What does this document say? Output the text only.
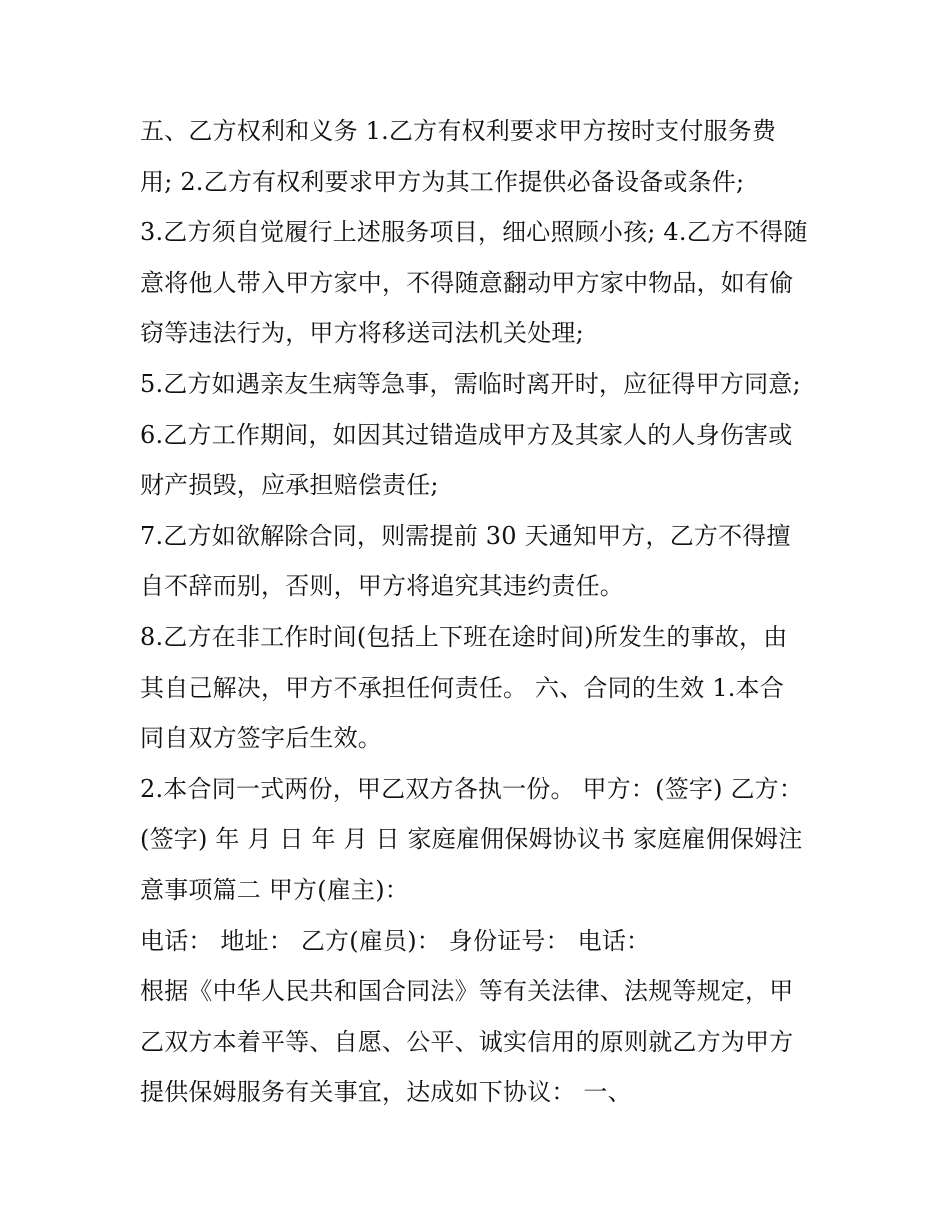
五、乙方权利和义务 1.乙方有权利要求甲方按时支付服务费
用; 2.乙方有权利要求甲方为其工作提供必备设备或条件;
3.乙方须自觉履行上述服务项目，细心照顾小孩; 4.乙方不得随
意将他人带入甲方家中，不得随意翻动甲方家中物品，如有偷
窃等违法行为，甲方将移送司法机关处理;
5.乙方如遇亲友生病等急事，需临时离开时，应征得甲方同意;
6.乙方工作期间，如因其过错造成甲方及其家人的人身伤害或
财产损毁，应承担赔偿责任;
7.乙方如欲解除合同，则需提前 30 天通知甲方，乙方不得擅
自不辞而别，否则，甲方将追究其违约责任。
8.乙方在非工作时间(包括上下班在途时间)所发生的事故，由
其自己解决，甲方不承担任何责任。 六、合同的生效 1.本合
同自双方签字后生效。
2.本合同一式两份，甲乙双方各执一份。 甲方：(签字) 乙方：
(签字) 年 月 日 年 月 日 家庭雇佣保姆协议书 家庭雇佣保姆注
意事项篇二 甲方(雇主)：
电话： 地址： 乙方(雇员)： 身份证号： 电话：
根据《中华人民共和国合同法》等有关法律、法规等规定，甲
乙双方本着平等、自愿、公平、诚实信用的原则就乙方为甲方
提供保姆服务有关事宜，达成如下协议： 一、
